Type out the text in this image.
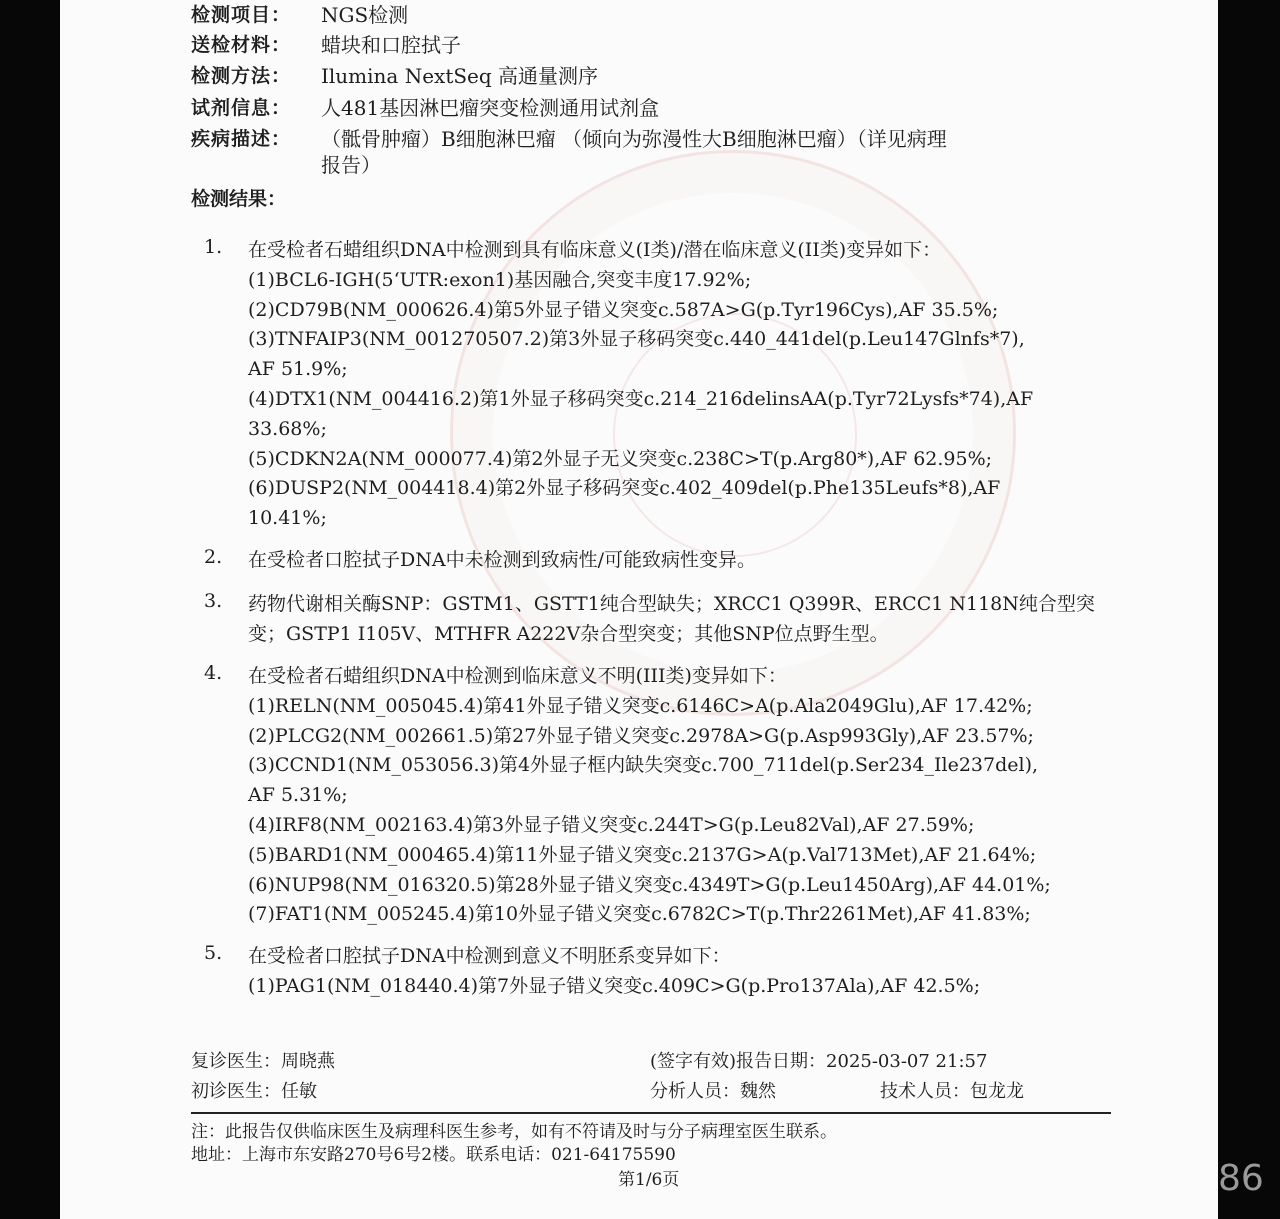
检测项目： NGS检测
送检材料： 蜡块和口腔拭子
检测方法： Ilumina NextSeq 高通量测序
试剂信息： 人481基因淋巴瘤突变检测通用试剂盒
疾病描述： （骶骨肿瘤）B细胞淋巴瘤 （倾向为弥漫性大B细胞淋巴瘤）（详见病理
报告）
检测结果：
1. 在受检者石蜡组织DNA中检测到具有临床意义(I类)/潜在临床意义(II类)变异如下：
(1)BCL6-IGH(5‘UTR:exon1)基因融合,突变丰度17.92%;
(2)CD79B(NM_000626.4)第5外显子错义突变c.587A>G(p.Tyr196Cys),AF 35.5%;
(3)TNFAIP3(NM_001270507.2)第3外显子移码突变c.440_441del(p.Leu147Glnfs*7),
AF 51.9%;
(4)DTX1(NM_004416.2)第1外显子移码突变c.214_216delinsAA(p.Tyr72Lysfs*74),AF
33.68%;
(5)CDKN2A(NM_000077.4)第2外显子无义突变c.238C>T(p.Arg80*),AF 62.95%;
(6)DUSP2(NM_004418.4)第2外显子移码突变c.402_409del(p.Phe135Leufs*8),AF
10.41%;
2. 在受检者口腔拭子DNA中未检测到致病性/可能致病性变异。
3. 药物代谢相关酶SNP：GSTM1、GSTT1纯合型缺失；XRCC1 Q399R、ERCC1 N118N纯合型突
变；GSTP1 I105V、MTHFR A222V杂合型突变；其他SNP位点野生型。
4. 在受检者石蜡组织DNA中检测到临床意义不明(III类)变异如下：
(1)RELN(NM_005045.4)第41外显子错义突变c.6146C>A(p.Ala2049Glu),AF 17.42%;
(2)PLCG2(NM_002661.5)第27外显子错义突变c.2978A>G(p.Asp993Gly),AF 23.57%;
(3)CCND1(NM_053056.3)第4外显子框内缺失突变c.700_711del(p.Ser234_Ile237del),
AF 5.31%;
(4)IRF8(NM_002163.4)第3外显子错义突变c.244T>G(p.Leu82Val),AF 27.59%;
(5)BARD1(NM_000465.4)第11外显子错义突变c.2137G>A(p.Val713Met),AF 21.64%;
(6)NUP98(NM_016320.5)第28外显子错义突变c.4349T>G(p.Leu1450Arg),AF 44.01%;
(7)FAT1(NM_005245.4)第10外显子错义突变c.6782C>T(p.Thr2261Met),AF 41.83%;
5. 在受检者口腔拭子DNA中检测到意义不明胚系变异如下：
(1)PAG1(NM_018440.4)第7外显子错义突变c.409C>G(p.Pro137Ala),AF 42.5%;
复诊医生：周晓燕
初诊医生：任敏
(签字有效)报告日期：2025-03-07 21:57
分析人员：魏然	技术人员：包龙龙
注：此报告仅供临床医生及病理科医生参考，如有不符请及时与分子病理室医生联系。
地址：上海市东安路270号6号2楼。联系电话：021-64175590
第1/6页	86
